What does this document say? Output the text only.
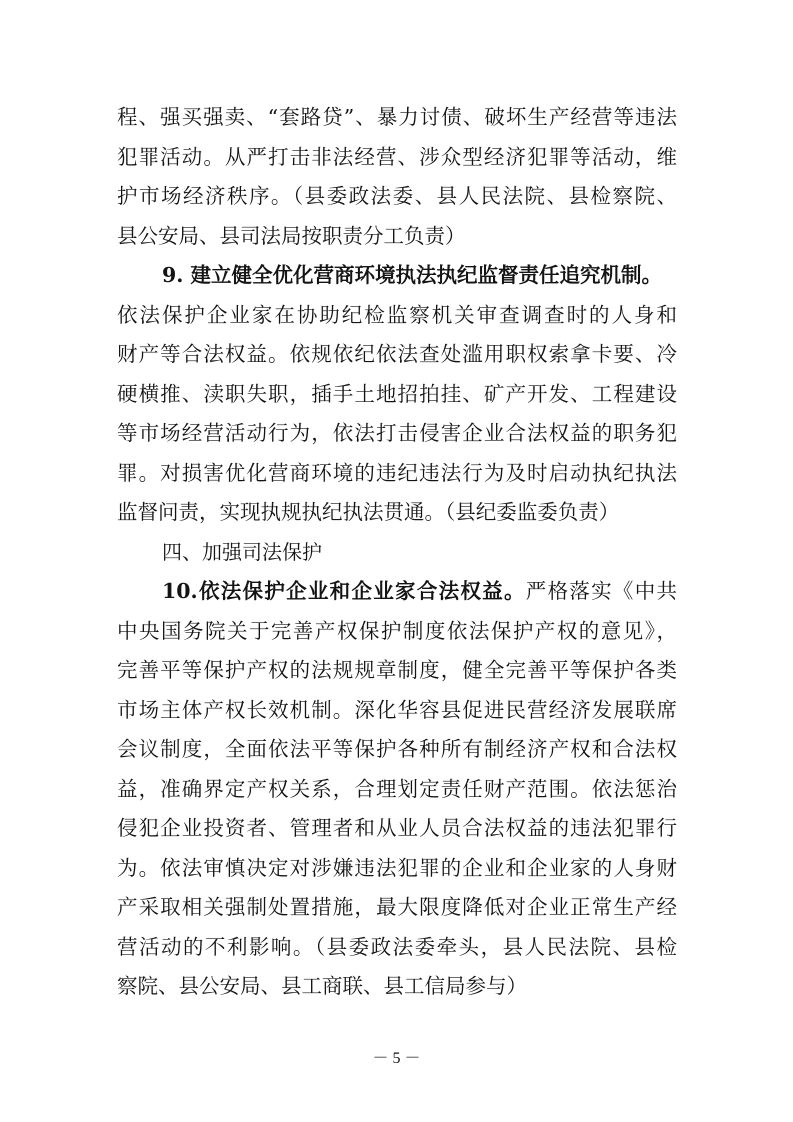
程、强买强卖、“套路贷”、暴力讨债、破坏生产经营等违法
犯罪活动。从严打击非法经营、涉众型经济犯罪等活动，维
护市场经济秩序。（县委政法委、县人民法院、县检察院、
县公安局、县司法局按职责分工负责）
9. 建立健全优化营商环境执法执纪监督责任追究机制。
依法保护企业家在协助纪检监察机关审查调查时的人身和
财产等合法权益。依规依纪依法查处滥用职权索拿卡要、冷
硬横推、渎职失职，插手土地招拍挂、矿产开发、工程建设
等市场经营活动行为，依法打击侵害企业合法权益的职务犯
罪。对损害优化营商环境的违纪违法行为及时启动执纪执法
监督问责，实现执规执纪执法贯通。（县纪委监委负责）
四、加强司法保护
10.依法保护企业和企业家合法权益。严格落实《中共
中央国务院关于完善产权保护制度依法保护产权的意见》，
完善平等保护产权的法规规章制度，健全完善平等保护各类
市场主体产权长效机制。深化华容县促进民营经济发展联席
会议制度，全面依法平等保护各种所有制经济产权和合法权
益，准确界定产权关系，合理划定责任财产范围。依法惩治
侵犯企业投资者、管理者和从业人员合法权益的违法犯罪行
为。依法审慎决定对涉嫌违法犯罪的企业和企业家的人身财
产采取相关强制处置措施，最大限度降低对企业正常生产经
营活动的不利影响。（县委政法委牵头，县人民法院、县检
察院、县公安局、县工商联、县工信局参与）
－ 5 －
